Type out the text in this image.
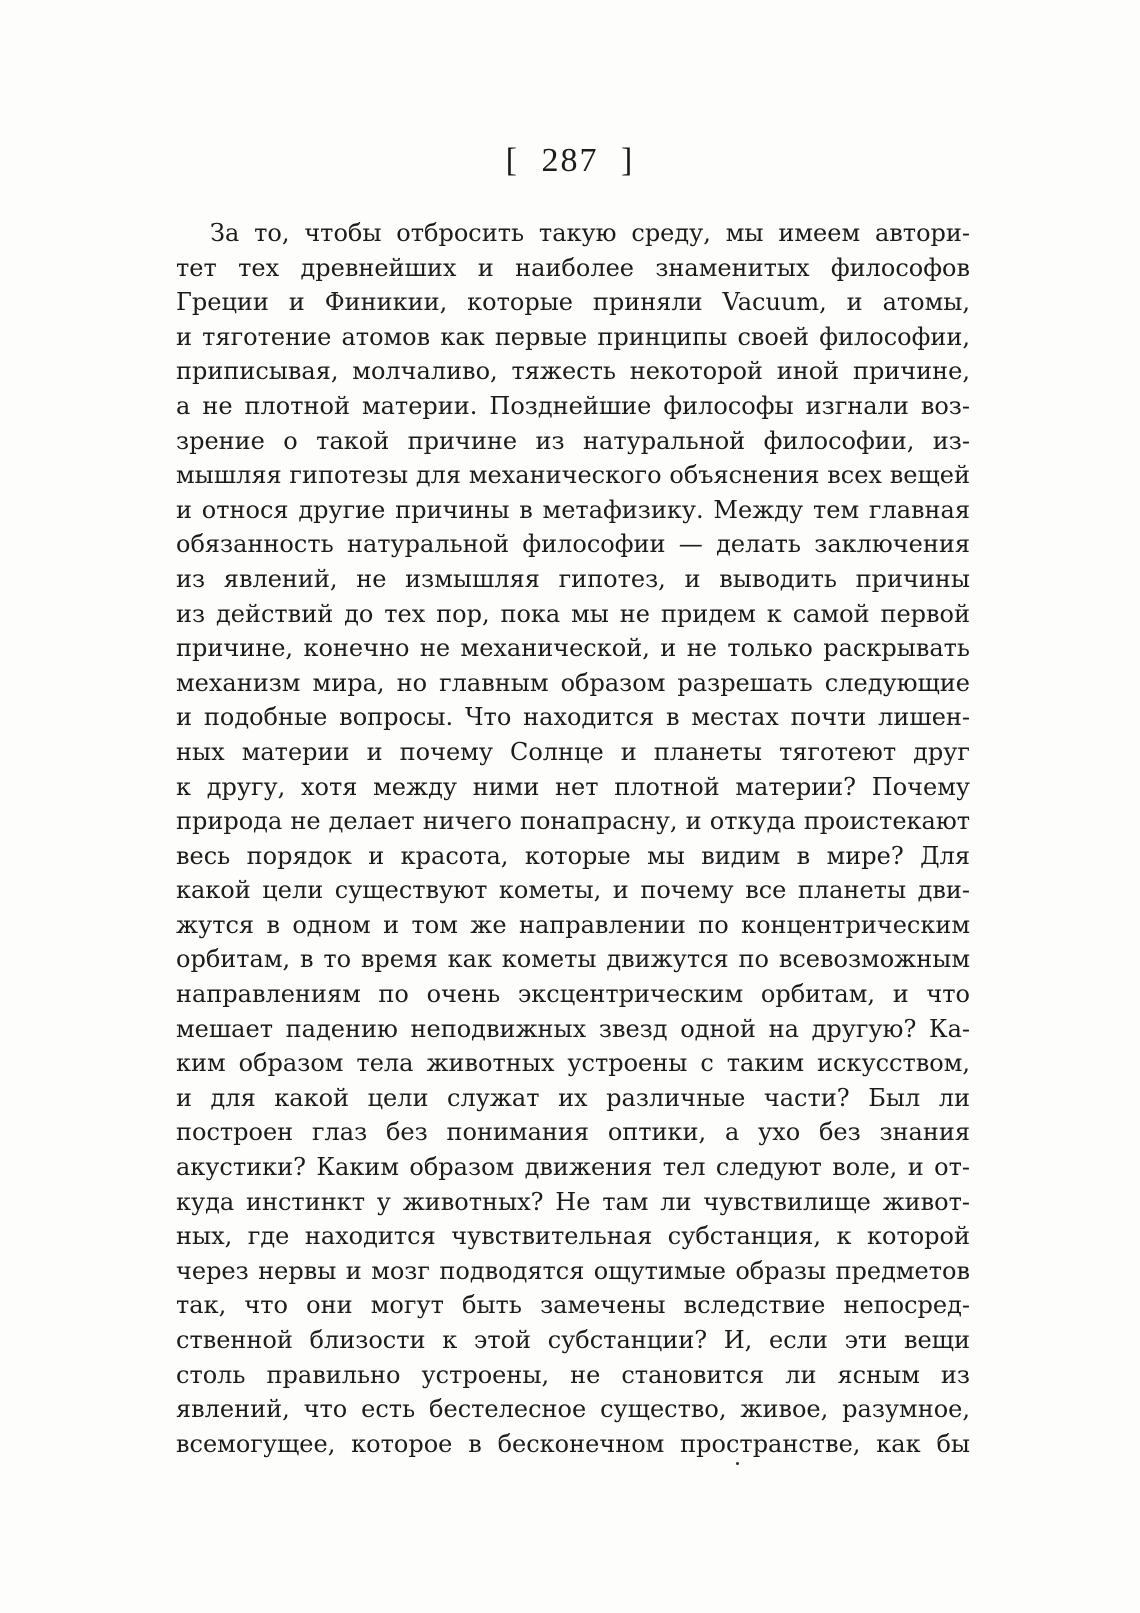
[ 287 ]
За то, чтобы отбросить такую среду, мы имеем автори-
тет тех древнейших и наиболее знаменитых философов
Греции и Финикии, которые приняли Vacuum, и атомы,
и тяготение атомов как первые принципы своей философии,
приписывая, молчаливо, тяжесть некоторой иной причине,
а не плотной материи. Позднейшие философы изгнали воз-
зрение о такой причине из натуральной философии, из-
мышляя гипотезы для механического объяснения всех вещей
и относя другие причины в метафизику. Между тем главная
обязанность натуральной философии — делать заключения
из явлений, не измышляя гипотез, и выводить причины
из действий до тех пор, пока мы не придем к самой первой
причине, конечно не механической, и не только раскрывать
механизм мира, но главным образом разрешать следующие
и подобные вопросы. Что находится в местах почти лишен-
ных материи и почему Солнце и планеты тяготеют друг
к другу, хотя между ними нет плотной материи? Почему
природа не делает ничего понапрасну, и откуда проистекают
весь порядок и красота, которые мы видим в мире? Для
какой цели существуют кометы, и почему все планеты дви-
жутся в одном и том же направлении по концентрическим
орбитам, в то время как кометы движутся по всевозможным
направлениям по очень эксцентрическим орбитам, и что
мешает падению неподвижных звезд одной на другую? Ка-
ким образом тела животных устроены с таким искусством,
и для какой цели служат их различные части? Был ли
построен глаз без понимания оптики, а ухо без знания
акустики? Каким образом движения тел следуют воле, и от-
куда инстинкт у животных? Не там ли чувствилище живот-
ных, где находится чувствительная субстанция, к которой
через нервы и мозг подводятся ощутимые образы предметов
так, что они могут быть замечены вследствие непосред-
ственной близости к этой субстанции? И, если эти вещи
столь правильно устроены, не становится ли ясным из
явлений, что есть бестелесное существо, живое, разумное,
всемогущее, которое в бесконечном пространстве, как бы
